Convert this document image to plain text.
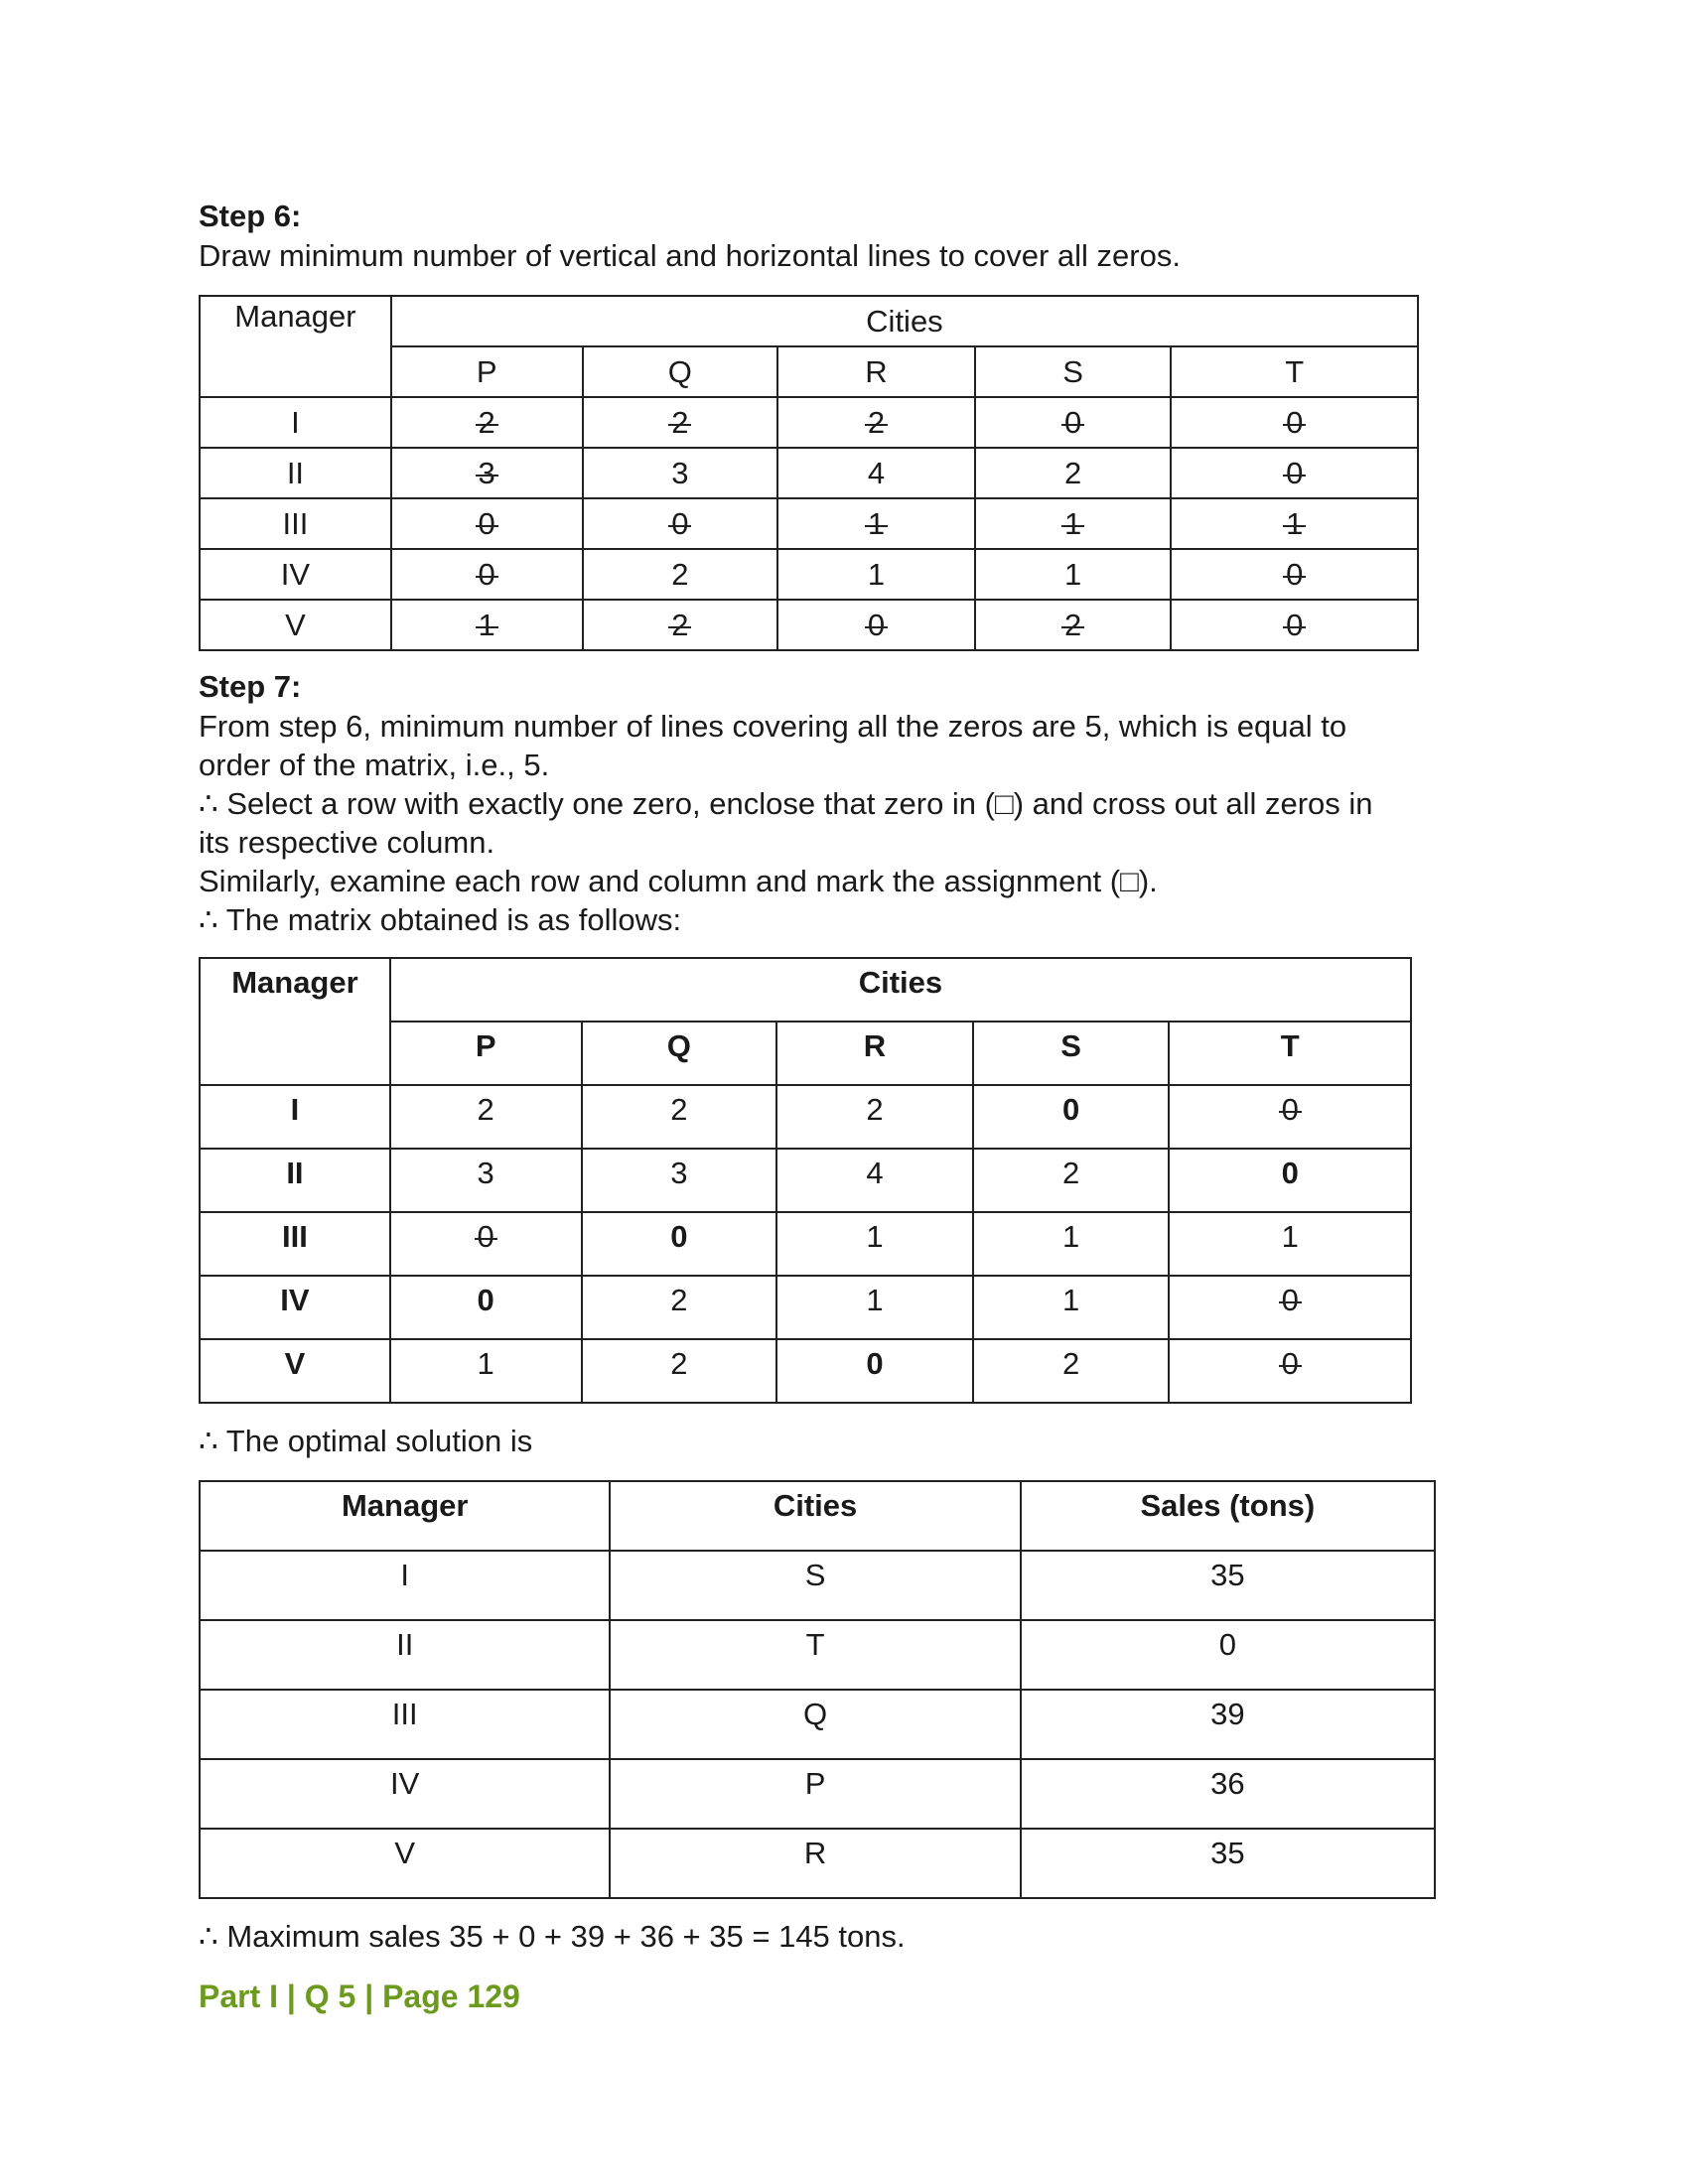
Step 6:

Draw minimum number of vertical and horizontal lines to cover all zeros.

Manager	Cities				
	P	Q	R	S	T
I	2	2	2	0	0
II	3	3	4	2	0
III	0	0	1	1	1
IV	0	2	1	1	0
V	1	2	0	2	0

Step 7:

From step 6, minimum number of lines covering all the zeros are 5, which is equal to

order of the matrix, i.e., 5.

∴ Select a row with exactly one zero, enclose that zero in (□) and cross out all zeros in

its respective column.

Similarly, examine each row and column and mark the assignment (□).

∴ The matrix obtained is as follows:

Manager	Cities				
	P	Q	R	S	T
I	2	2	2	0	0
II	3	3	4	2	0
III	0	0	1	1	1
IV	0	2	1	1	0
V	1	2	0	2	0

∴ The optimal solution is

Manager	Cities	Sales (tons)
I	S	35
II	T	0
III	Q	39
IV	P	36
V	R	35

∴ Maximum sales 35 + 0 + 39 + 36 + 35 = 145 tons.

Part I | Q 5 | Page 129
